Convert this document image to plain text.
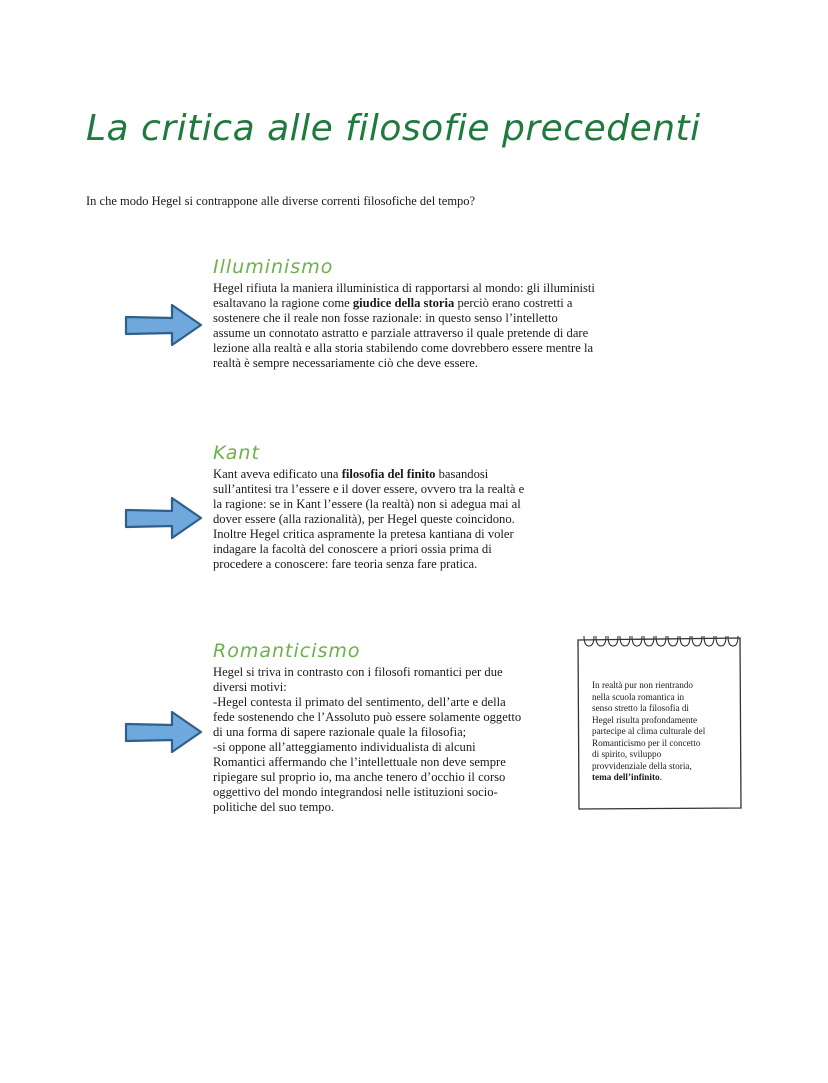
La critica alle filosofie precedenti
In che modo Hegel si contrappone alle diverse correnti filosofiche del tempo?
Illuminismo

Hegel rifiuta la maniera illuministica di rapportarsi al mondo: gli illuministi
esaltavano la ragione come giudice della storia perciò erano costretti a
sostenere che il reale non fosse razionale: in questo senso l’intelletto
assume un connotato astratto e parziale attraverso il quale pretende di dare
lezione alla realtà e alla storia stabilendo come dovrebbero essere mentre la
realtà è sempre necessariamente ciò che deve essere.

Kant

Kant aveva edificato una filosofia del finito basandosi
sull’antitesi tra l’essere e il dover essere, ovvero tra la realtà e
la ragione: se in Kant l’essere (la realtà) non si adegua mai al
dover essere (alla razionalità), per Hegel queste coincidono.
Inoltre Hegel critica aspramente la pretesa kantiana di voler
indagare la facoltà del conoscere a priori ossia prima di
procedere a conoscere: fare teoria senza fare pratica.

Romanticismo

Hegel si triva in contrasto con i filosofi romantici per due
diversi motivi:
-Hegel contesta il primato del sentimento, dell’arte e della
fede sostenendo che l’Assoluto può essere solamente oggetto
di una forma di sapere razionale quale la filosofia;
-si oppone all’atteggiamento individualista di alcuni
Romantici affermando che l’intellettuale non deve sempre
ripiegare sul proprio io, ma anche tenero d’occhio il corso
oggettivo del mondo integrandosi nelle istituzioni socio-
politiche del suo tempo.

In realtà pur non rientrando
nella scuola romantica in
senso stretto la filosofia di
Hegel risulta profondamente
partecipe al clima culturale del
Romanticismo per il concetto
di spirito, sviluppo
provvidenziale della storia,
tema dell’infinito.
